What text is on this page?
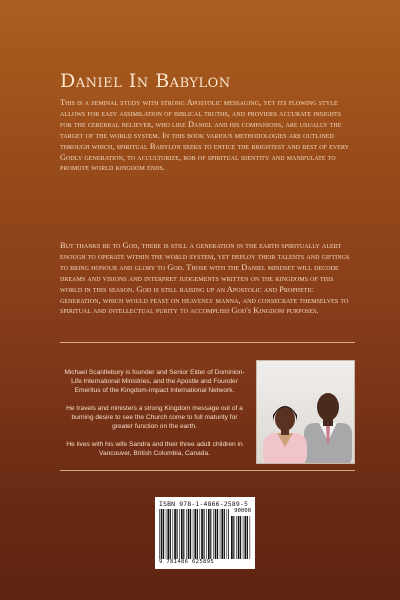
Daniel In Babylon
This is a seminal study with strong Apostolic messaging, yet its flowing style allows for easy assimilation of biblical truths, and provides accurate insights for the cerebral believer, who like Daniel and his companions, are usually the target of the world system. In this book various methodologies are outlined through which, spiritual Babylon seeks to entice the brightest and best of every Godly generation, to acculturize, rob of spiritual identity and manipulate to promote world kingdom ends.
But thanks be to God, there is still a generation in the earth spiritually alert enough to operate within the world system, yet deploy their talents and giftings to bring honour and glory to God. Those with the Daniel mindset will decode dreams and visions and interpret judgements written on the kingdoms of this world in this season. God is still raising up an Apostolic and Prophetic generation, which would feast on heavenly manna, and consecrate themselves to spiritual and intellectual purity to accomplish God's Kingdom purposes.
Michael Scantlebury is founder and Senior Elder of Dominion-Life International Ministries, and the Apostle and Founder Emeritus of the Kingdom-impact International Network.
He travels and ministers a strong Kingdom message out of a burning desire to see the Church come to full maturity for greater function on the earth.
He lives with his wife Sandra and their three adult children in Vancouver, British Columbia, Canada.
ISBN 978-1-4866-2589-5
90000
9 781486 625895
